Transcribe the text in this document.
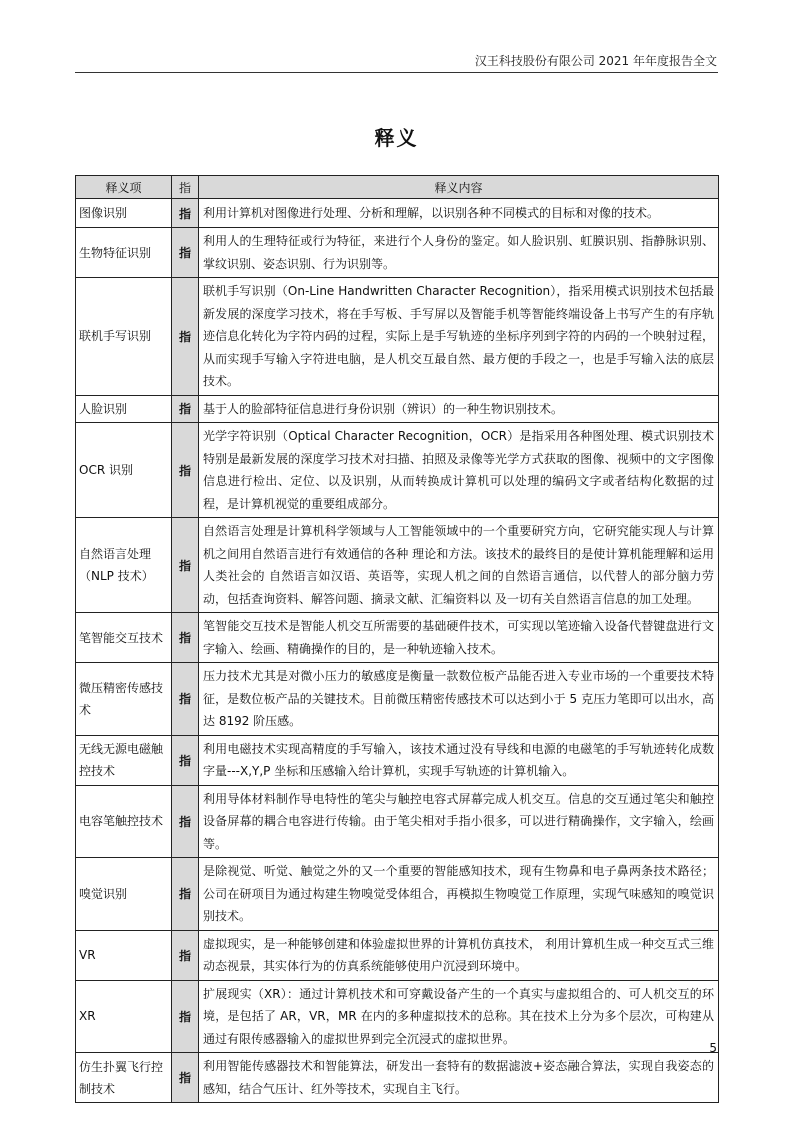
汉王科技股份有限公司 2021 年年度报告全文
释义
释义项	指	释义内容
图像识别	指	利用计算机对图像进行处理、分析和理解，以识别各种不同模式的目标和对像的技术。
生物特征识别	指	利用人的生理特征或行为特征，来进行个人身份的鉴定。如人脸识别、虹膜识别、指静脉识别、掌纹识别、姿态识别、行为识别等。
联机手写识别	指	联机手写识别（On-Line Handwritten Character Recognition），指采用模式识别技术包括最新发展的深度学习技术，将在手写板、手写屏以及智能手机等智能终端设备上书写产生的有序轨迹信息化转化为字符内码的过程，实际上是手写轨迹的坐标序列到字符的内码的一个映射过程，从而实现手写输入字符进电脑，是人机交互最自然、最方便的手段之一，也是手写输入法的底层技术。
人脸识别	指	基于人的脸部特征信息进行身份识别（辨识）的一种生物识别技术。
OCR 识别	指	光学字符识别（Optical Character Recognition，OCR）是指采用各种图处理、模式识别技术特别是最新发展的深度学习技术对扫描、拍照及录像等光学方式获取的图像、视频中的文字图像信息进行检出、定位、以及识别，从而转换成计算机可以处理的编码文字或者结构化数据的过程，是计算机视觉的重要组成部分。
自然语言处理（NLP 技术）	指	自然语言处理是计算机科学领域与人工智能领域中的一个重要研究方向，它研究能实现人与计算机之间用自然语言进行有效通信的各种 理论和方法。该技术的最终目的是使计算机能理解和运用人类社会的 自然语言如汉语、英语等，实现人机之间的自然语言通信，以代替人的部分脑力劳动，包括查询资料、解答问题、摘录文献、汇编资料以 及一切有关自然语言信息的加工处理。
笔智能交互技术	指	笔智能交互技术是智能人机交互所需要的基础硬件技术，可实现以笔迹输入设备代替键盘进行文字输入、绘画、精确操作的目的，是一种轨迹输入技术。
微压精密传感技术	指	压力技术尤其是对微小压力的敏感度是衡量一款数位板产品能否进入专业市场的一个重要技术特征，是数位板产品的关键技术。目前微压精密传感技术可以达到小于 5 克压力笔即可以出水，高达 8192 阶压感。
无线无源电磁触控技术	指	利用电磁技术实现高精度的手写输入，该技术通过没有导线和电源的电磁笔的手写轨迹转化成数字量---X,Y,P 坐标和压感输入给计算机，实现手写轨迹的计算机输入。
电容笔触控技术	指	利用导体材料制作导电特性的笔尖与触控电容式屏幕完成人机交互。信息的交互通过笔尖和触控设备屏幕的耦合电容进行传输。由于笔尖相对手指小很多，可以进行精确操作，文字输入，绘画等。
嗅觉识别	指	是除视觉、听觉、触觉之外的又一个重要的智能感知技术，现有生物鼻和电子鼻两条技术路径；公司在研项目为通过构建生物嗅觉受体组合，再模拟生物嗅觉工作原理，实现气味感知的嗅觉识别技术。
VR	指	虚拟现实，是一种能够创建和体验虚拟世界的计算机仿真技术， 利用计算机生成一种交互式三维动态视景，其实体行为的仿真系统能够使用户沉浸到环境中。
XR	指	扩展现实（XR）：通过计算机技术和可穿戴设备产生的一个真实与虚拟组合的、可人机交互的环境，是包括了 AR，VR，MR 在内的多种虚拟技术的总称。其在技术上分为多个层次，可构建从通过有限传感器输入的虚拟世界到完全沉浸式的虚拟世界。
仿生扑翼飞行控制技术	指	利用智能传感器技术和智能算法，研发出一套特有的数据滤波+姿态融合算法，实现自我姿态的感知，结合气压计、红外等技术，实现自主飞行。
5
